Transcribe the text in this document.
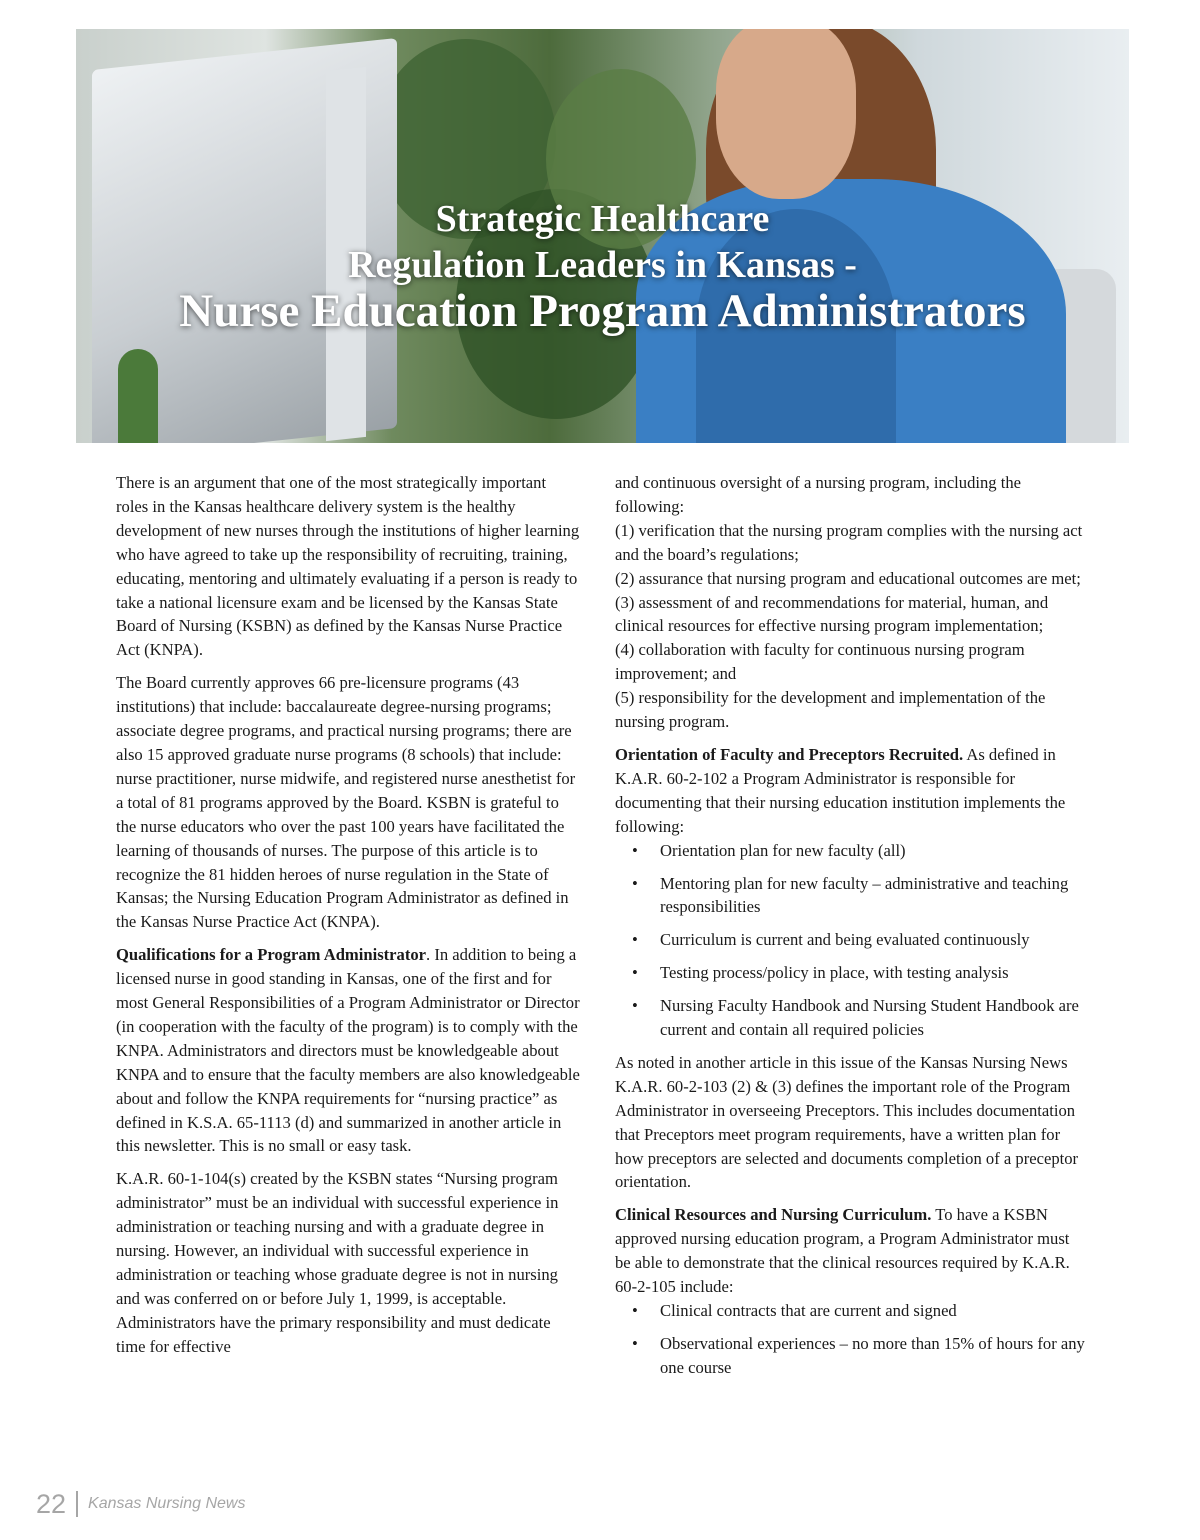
Strategic Healthcare
Regulation Leaders in Kansas -
Nurse Education Program Administrators

There is an argument that one of the most strategically important roles in the Kansas healthcare delivery system is the healthy development of new nurses through the institutions of higher learning who have agreed to take up the responsibility of recruiting, training, educating, mentoring and ultimately evaluating if a person is ready to take a national licensure exam and be licensed by the Kansas State Board of Nursing (KSBN) as defined by the Kansas Nurse Practice Act (KNPA).

The Board currently approves 66 pre-licensure programs (43 institutions) that include: baccalaureate degree-nursing programs; associate degree programs, and practical nursing programs; there are also 15 approved graduate nurse programs (8 schools) that include: nurse practitioner, nurse midwife, and registered nurse anesthetist for a total of 81 programs approved by the Board. KSBN is grateful to the nurse educators who over the past 100 years have facilitated the learning of thousands of nurses. The purpose of this article is to recognize the 81 hidden heroes of nurse regulation in the State of Kansas; the Nursing Education Program Administrator as defined in the Kansas Nurse Practice Act (KNPA).

Qualifications for a Program Administrator. In addition to being a licensed nurse in good standing in Kansas, one of the first and for most General Responsibilities of a Program Administrator or Director (in cooperation with the faculty of the program) is to comply with the KNPA. Administrators and directors must be knowledgeable about KNPA and to ensure that the faculty members are also knowledgeable about and follow the KNPA requirements for “nursing practice” as defined in K.S.A. 65-1113 (d) and summarized in another article in this newsletter. This is no small or easy task.

K.A.R. 60-1-104(s) created by the KSBN states “Nursing program administrator” must be an individual with successful experience in administration or teaching nursing and with a graduate degree in nursing. However, an individual with successful experience in administration or teaching whose graduate degree is not in nursing and was conferred on or before July 1, 1999, is acceptable. Administrators have the primary responsibility and must dedicate time for effective

and continuous oversight of a nursing program, including the following:

(1) verification that the nursing program complies with the nursing act and the board’s regulations;

(2) assurance that nursing program and educational outcomes are met;

(3) assessment of and recommendations for material, human, and clinical resources for effective nursing program implementation;

(4) collaboration with faculty for continuous nursing program improvement; and

(5) responsibility for the development and implementation of the nursing program.

Orientation of Faculty and Preceptors Recruited. As defined in K.A.R. 60-2-102 a Program Administrator is responsible for documenting that their nursing education institution implements the following:

• Orientation plan for new faculty (all)
• Mentoring plan for new faculty – administrative and teaching responsibilities
• Curriculum is current and being evaluated continuously
• Testing process/policy in place, with testing analysis
• Nursing Faculty Handbook and Nursing Student Handbook are current and contain all required policies

As noted in another article in this issue of the Kansas Nursing News K.A.R. 60-2-103 (2) & (3) defines the important role of the Program Administrator in overseeing Preceptors. This includes documentation that Preceptors meet program requirements, have a written plan for how preceptors are selected and documents completion of a preceptor orientation.

Clinical Resources and Nursing Curriculum. To have a KSBN approved nursing education program, a Program Administrator must be able to demonstrate that the clinical resources required by K.A.R. 60-2-105 include:

• Clinical contracts that are current and signed
• Observational experiences – no more than 15% of hours for any one course
22 Kansas Nursing News
